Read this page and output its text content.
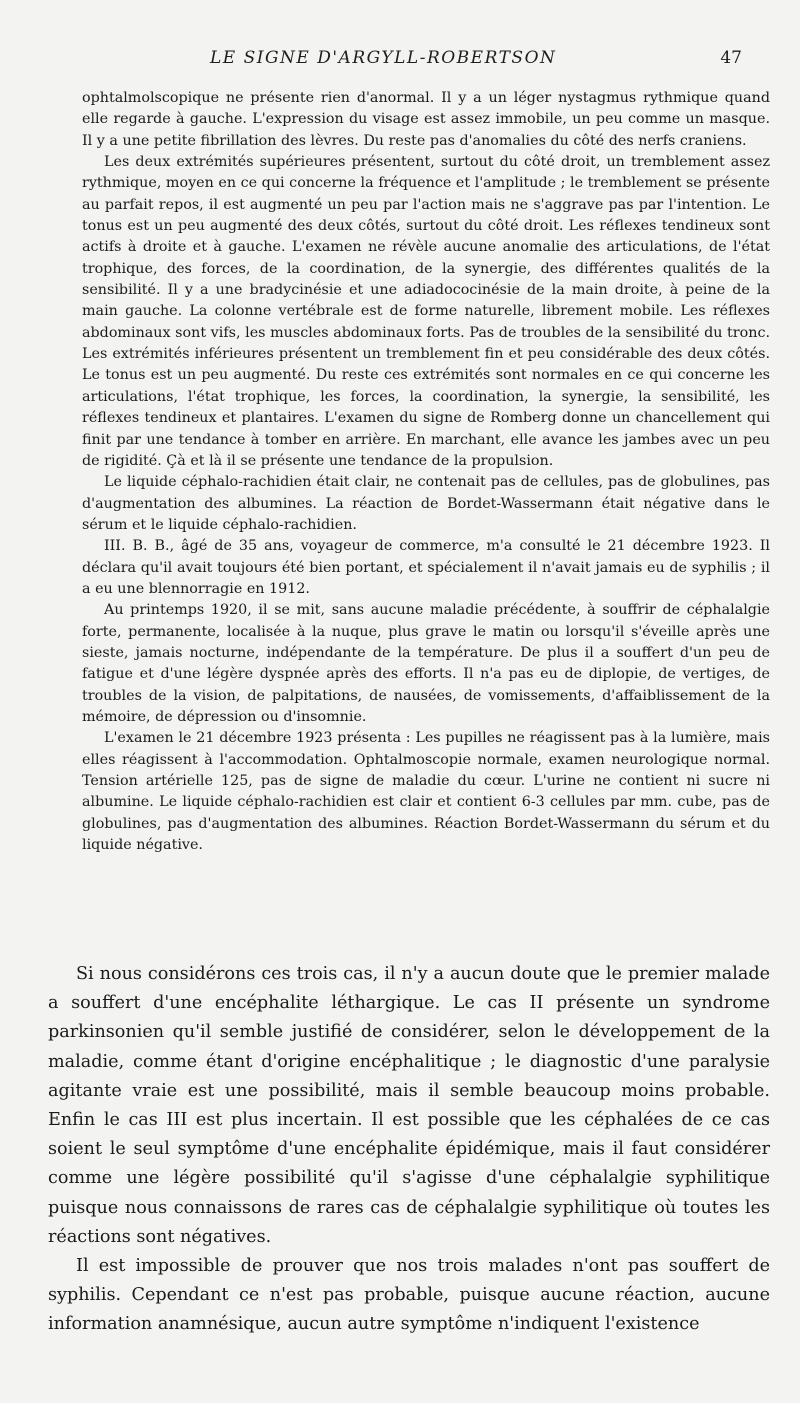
LE SIGNE D'ARGYLL-ROBERTSON	47

ophtalmolscopique ne présente rien d'anormal. Il y a un léger nystagmus rythmique quand elle regarde à gauche. L'expression du visage est assez immobile, un peu comme un masque. Il y a une petite fibrillation des lèvres. Du reste pas d'anomalies du côté des nerfs craniens.

Les deux extrémités supérieures présentent, surtout du côté droit, un tremblement assez rythmique, moyen en ce qui concerne la fréquence et l'amplitude ; le tremblement se présente au parfait repos, il est augmenté un peu par l'action mais ne s'aggrave pas par l'intention. Le tonus est un peu augmenté des deux côtés, surtout du côté droit. Les réflexes tendineux sont actifs à droite et à gauche. L'examen ne révèle aucune anomalie des articulations, de l'état trophique, des forces, de la coordination, de la synergie, des différentes qualités de la sensibilité. Il y a une bradycinésie et une adiadococinésie de la main droite, à peine de la main gauche. La colonne vertébrale est de forme naturelle, librement mobile. Les réflexes abdominaux sont vifs, les muscles abdominaux forts. Pas de troubles de la sensibilité du tronc. Les extrémités inférieures présentent un tremblement fin et peu considérable des deux côtés. Le tonus est un peu augmenté. Du reste ces extrémités sont normales en ce qui concerne les articulations, l'état trophique, les forces, la coordination, la synergie, la sensibilité, les réflexes tendineux et plantaires. L'examen du signe de Romberg donne un chancellement qui finit par une tendance à tomber en arrière. En marchant, elle avance les jambes avec un peu de rigidité. Çà et là il se présente une tendance de la propulsion.

Le liquide céphalo-rachidien était clair, ne contenait pas de cellules, pas de globulines, pas d'augmentation des albumines. La réaction de Bordet-Wassermann était négative dans le sérum et le liquide céphalo-rachidien.

III. B. B., âgé de 35 ans, voyageur de commerce, m'a consulté le 21 décembre 1923. Il déclara qu'il avait toujours été bien portant, et spécialement il n'avait jamais eu de syphilis ; il a eu une blennorragie en 1912.

Au printemps 1920, il se mit, sans aucune maladie précédente, à souffrir de céphalalgie forte, permanente, localisée à la nuque, plus grave le matin ou lorsqu'il s'éveille après une sieste, jamais nocturne, indépendante de la température. De plus il a souffert d'un peu de fatigue et d'une légère dyspnée après des efforts. Il n'a pas eu de diplopie, de vertiges, de troubles de la vision, de palpitations, de nausées, de vomissements, d'affaiblissement de la mémoire, de dépression ou d'insomnie.

L'examen le 21 décembre 1923 présenta : Les pupilles ne réagissent pas à la lumière, mais elles réagissent à l'accommodation. Ophtalmoscopie normale, examen neurologique normal. Tension artérielle 125, pas de signe de maladie du cœur. L'urine ne contient ni sucre ni albumine. Le liquide céphalo-rachidien est clair et contient 6-3 cellules par mm. cube, pas de globulines, pas d'augmentation des albumines. Réaction Bordet-Wassermann du sérum et du liquide négative.

Si nous considérons ces trois cas, il n'y a aucun doute que le premier malade a souffert d'une encéphalite léthargique. Le cas II présente un syndrome parkinsonien qu'il semble justifié de considérer, selon le développement de la maladie, comme étant d'origine encéphalitique ; le diagnostic d'une paralysie agitante vraie est une possibilité, mais il semble beaucoup moins probable. Enfin le cas III est plus incertain. Il est possible que les céphalées de ce cas soient le seul symptôme d'une encéphalite épidémique, mais il faut considérer comme une légère possibilité qu'il s'agisse d'une céphalalgie syphilitique puisque nous connaissons de rares cas de céphalalgie syphilitique où toutes les réactions sont négatives.

Il est impossible de prouver que nos trois malades n'ont pas souffert de syphilis. Cependant ce n'est pas probable, puisque aucune réaction, aucune information anamnésique, aucun autre symptôme n'indiquent l'existence
